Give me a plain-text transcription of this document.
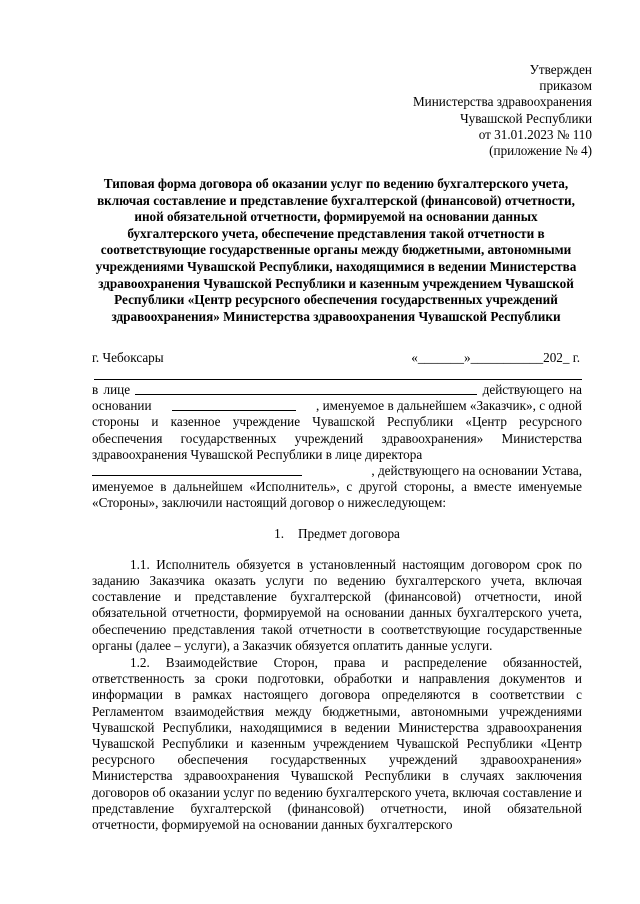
Утвержден
приказом
Министерства здравоохранения
Чувашской Республики
от 31.01.2023 № 110
(приложение № 4)
Типовая форма договора об оказании услуг по ведению бухгалтерского учета, включая составление и представление бухгалтерской (финансовой) отчетности, иной обязательной отчетности, формируемой на основании данных бухгалтерского учета, обеспечение представления такой отчетности в соответствующие государственные органы между бюджетными, автономными учреждениями Чувашской Республики, находящимися в ведении Министерства здравоохранения Чувашской Республики и казенным учреждением Чувашской Республики «Центр ресурсного обеспечения государственных учреждений здравоохранения» Министерства здравоохранения Чувашской Республики
г. Чебоксары	«_______»___________202_ г.
в лице	действующего на
основании	, именуемое в дальнейшем «Заказчик», с одной

стороны и казенное учреждение Чувашской Республики «Центр ресурсного обеспечения государственных учреждений здравоохранения» Министерства здравоохранения Чувашской Республики в лице директора

, действующего на основании Устава,

именуемое в дальнейшем «Исполнитель», с другой стороны, а вместе именуемые «Стороны», заключили настоящий договор о нижеследующем:

1. Предмет договора

1.1. Исполнитель обязуется в установленный настоящим договором срок по заданию Заказчика оказать услуги по ведению бухгалтерского учета, включая составление и представление бухгалтерской (финансовой) отчетности, иной обязательной отчетности, формируемой на основании данных бухгалтерского учета, обеспечению представления такой отчетности в соответствующие государственные органы (далее – услуги), а Заказчик обязуется оплатить данные услуги.

1.2. Взаимодействие Сторон, права и распределение обязанностей, ответственность за сроки подготовки, обработки и направления документов и информации в рамках настоящего договора определяются в соответствии с Регламентом взаимодействия между бюджетными, автономными учреждениями Чувашской Республики, находящимися в ведении Министерства здравоохранения Чувашской Республики и казенным учреждением Чувашской Республики «Центр ресурсного обеспечения государственных учреждений здравоохранения» Министерства здравоохранения Чувашской Республики в случаях заключения договоров об оказании услуг по ведению бухгалтерского учета, включая составление и представление бухгалтерской (финансовой) отчетности, иной обязательной отчетности, формируемой на основании данных бухгалтерского
